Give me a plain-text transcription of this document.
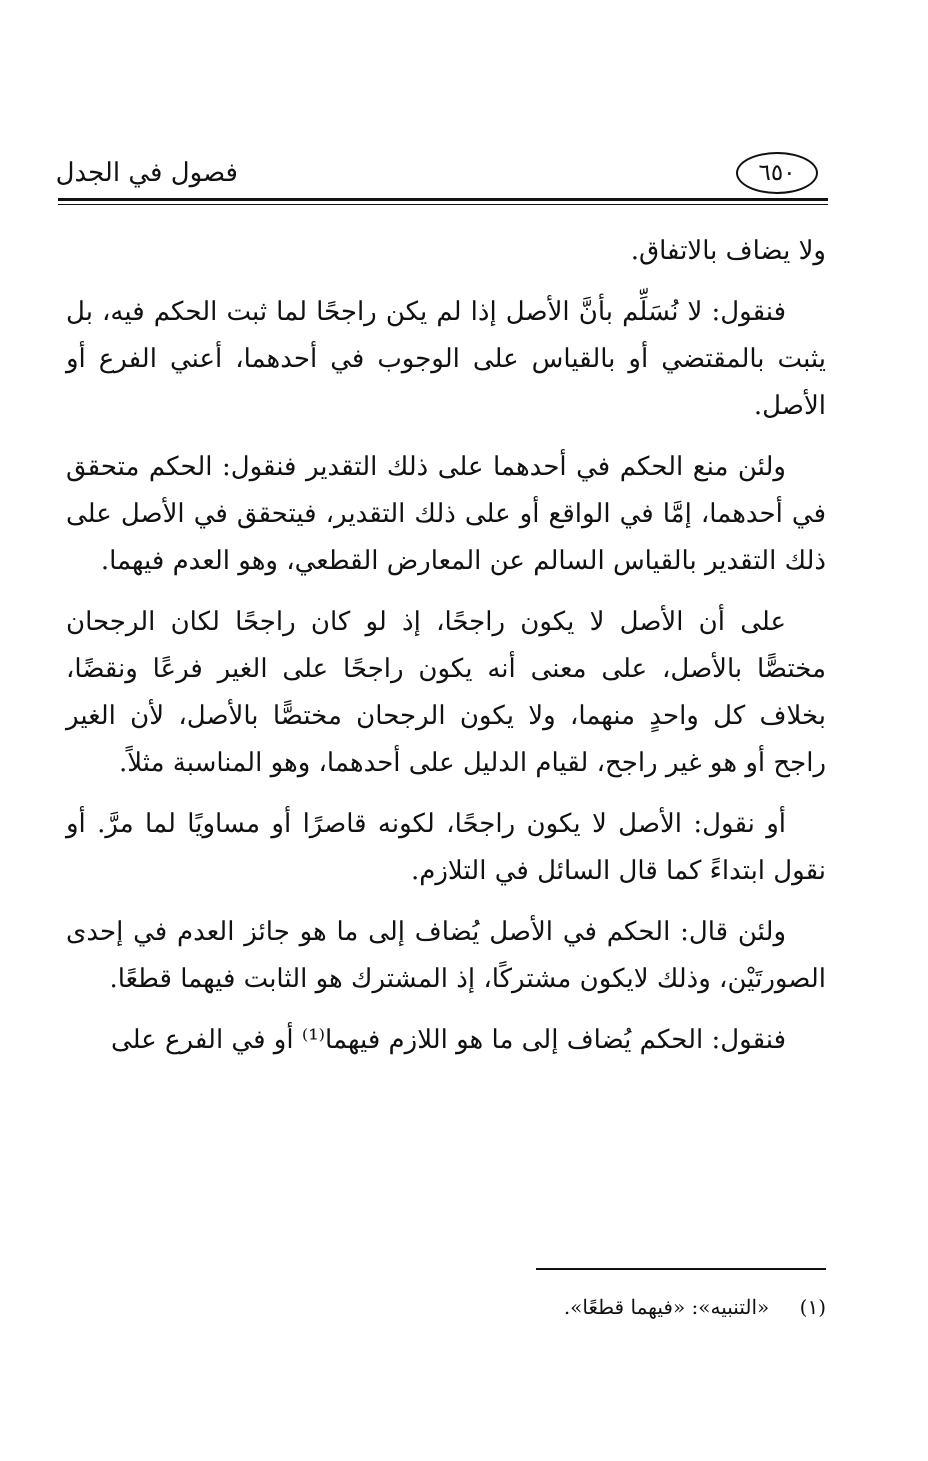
فصول في الجدل	٦٥٠

ولا يضاف بالاتفاق.

فنقول: لا نُسَلِّم بأنَّ الأصل إذا لم يكن راجحًا لما ثبت الحكم فيه، بل يثبت بالمقتضي أو بالقياس على الوجوب في أحدهما، أعني الفرع أو الأصل.

ولئن منع الحكم في أحدهما على ذلك التقدير فنقول: الحكم متحقق في أحدهما، إمَّا في الواقع أو على ذلك التقدير، فيتحقق في الأصل على ذلك التقدير بالقياس السالم عن المعارض القطعي، وهو العدم فيهما.

على أن الأصل لا يكون راجحًا، إذ لو كان راجحًا لكان الرجحان مختصًّا بالأصل، على معنى أنه يكون راجحًا على الغير فرعًا ونقضًا، بخلاف كل واحدٍ منهما، ولا يكون الرجحان مختصًّا بالأصل، لأن الغير راجح أو هو غير راجح، لقيام الدليل على أحدهما، وهو المناسبة مثلاً.

أو نقول: الأصل لا يكون راجحًا، لكونه قاصرًا أو مساويًا لما مرَّ. أو نقول ابتداءً كما قال السائل في التلازم.

ولئن قال: الحكم في الأصل يُضاف إلى ما هو جائز العدم في إحدى الصورتَيْن، وذلك لايكون مشتركًا، إذ المشترك هو الثابت فيهما قطعًا.

فنقول: الحكم يُضاف إلى ما هو اللازم فيهما⁽¹⁾ أو في الفرع على

(١) «التنبيه»: «فيهما قطعًا».
